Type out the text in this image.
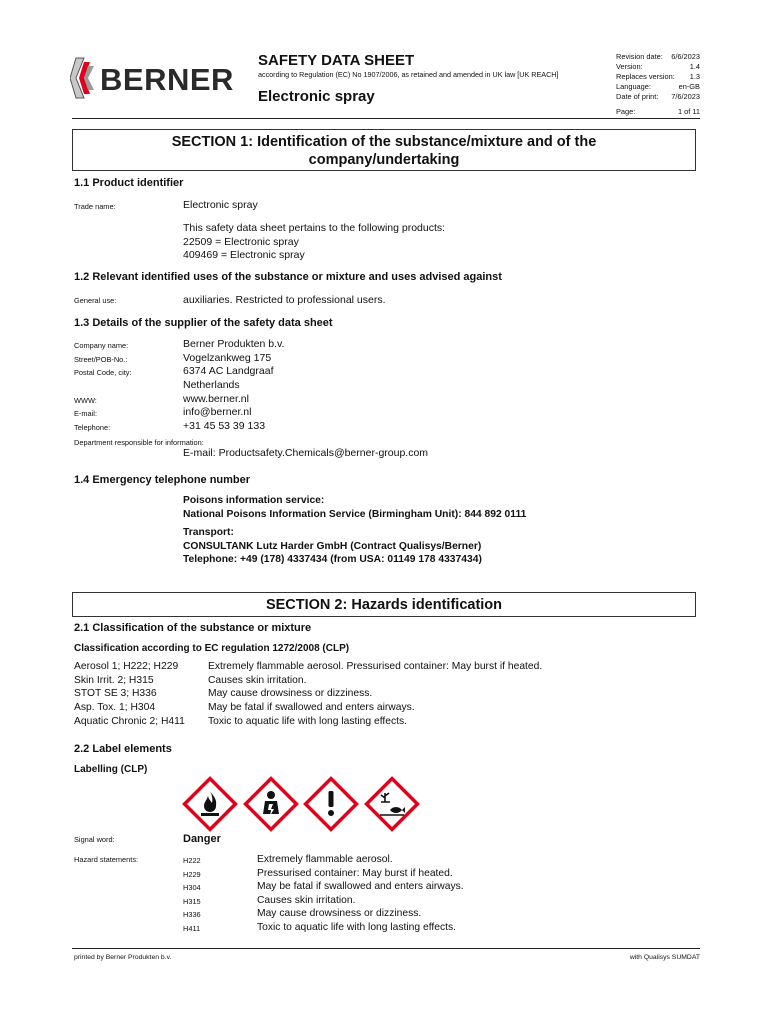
BERNER
SAFETY DATA SHEET
according to Regulation (EC) No 1907/2006, as retained and amended in UK law [UK REACH]
Electronic spray
Revision date: 6/6/2023
Version:	1.4
Replaces version: 1.3
Language:	en-GB
Date of print: 7/6/2023
Page:	1 of 11
SECTION 1: Identification of the substance/mixture and of the
company/undertaking
1.1 Product identifier
Trade name:	Electronic spray
This safety data sheet pertains to the following products:
22509 = Electronic spray
409469 = Electronic spray
1.2 Relevant identified uses of the substance or mixture and uses advised against
General use:	auxiliaries. Restricted to professional users.
1.3 Details of the supplier of the safety data sheet
Company name:	Berner Produkten b.v.
Street/POB-No.:	Vogelzankweg 175
Postal Code, city:	6374 AC Landgraaf
Netherlands
WWW:	www.berner.nl
E-mail:	info@berner.nl
Telephone:	+31 45 53 39 133
Department responsible for information:
E-mail: Productsafety.Chemicals@berner-group.com
1.4 Emergency telephone number
Poisons information service:
National Poisons Information Service (Birmingham Unit): 844 892 0111
Transport:
CONSULTANK Lutz Harder GmbH (Contract Qualisys/Berner)
Telephone: +49 (178) 4337434 (from USA: 01149 178 4337434)
SECTION 2: Hazards identification
2.1 Classification of the substance or mixture
Classification according to EC regulation 1272/2008 (CLP)
Aerosol 1; H222; H229	Extremely flammable aerosol. Pressurised container: May burst if heated.
Skin Irrit. 2; H315	Causes skin irritation.
STOT SE 3; H336	May cause drowsiness or dizziness.
Asp. Tox. 1; H304	May be fatal if swallowed and enters airways.
Aquatic Chronic 2; H411 Toxic to aquatic life with long lasting effects.
2.2 Label elements
Labelling (CLP)
Signal word:	Danger
Hazard statements:	H222	Extremely flammable aerosol.
H229	Pressurised container: May burst if heated.
H304	May be fatal if swallowed and enters airways.
H315	Causes skin irritation.
H336	May cause drowsiness or dizziness.
H411	Toxic to aquatic life with long lasting effects.
printed by Berner Produkten b.v.	with Qualisys SUMDAT
